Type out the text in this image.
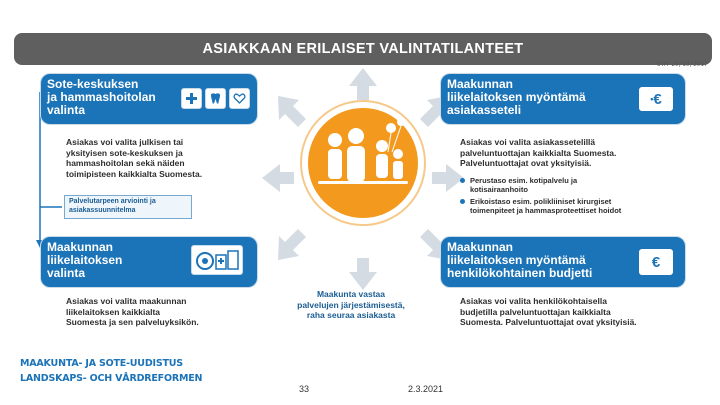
ASIAKKAAN ERILAISET VALINTATILANTEET
STM 29/10/2017
Sote-keskuksen
ja hammashoitolan
valinta
Asiakas voi valita julkisen tai
yksityisen sote-keskuksen ja
hammashoitolan sekä näiden
toimipisteen kaikkialta Suomesta.
Palvelutarpeen arviointi ja
asiakassuunnitelma
Maakunnan
liikelaitoksen myöntämä
asiakasseteli
• €
Asiakas voi valita asiakassetelillä
palveluntuottajan kaikkialta Suomesta.
Palveluntuottajat ovat yksityisiä.
Perustaso esim. kotipalvelu ja
kotisairaanhoito
Erikoistaso esim. polikliiniset kirurgiset
toimenpiteet ja hammasproteettiset hoidot
Maakunnan
liikelaitoksen
valinta
Asiakas voi valita maakunnan
liikelaitoksen kaikkialta
Suomesta ja sen palveluyksikön.
Maakunnan
liikelaitoksen myöntämä
henkilökohtainen budjetti
€
Asiakas voi valita henkilökohtaisella
budjetilla palveluntuottajan kaikkialta
Suomesta. Palveluntuottajat ovat yksityisiä.
Maakunta vastaa
palvelujen järjestämisestä,
raha seuraa asiakasta
MAAKUNTA- JA SOTE-UUDISTUS
LANDSKAPS- OCH VÅRDREFORMEN
33	2.3.2021
